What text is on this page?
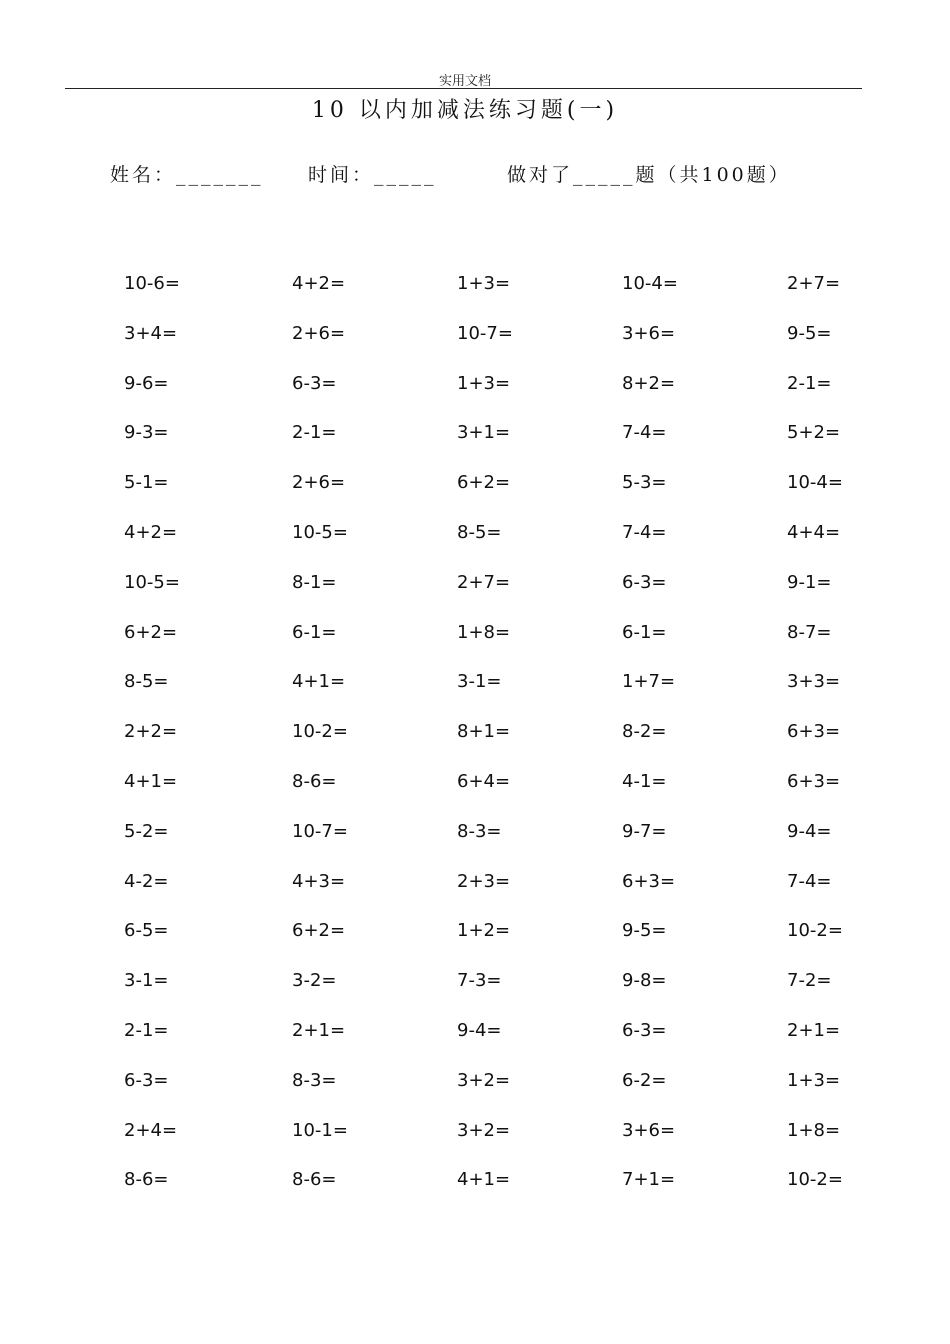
实用文档
10 以内加减法练习题(一)
姓名：_______ 时间：_____	做对了_____题（共100题）
10-6=	4+2=	1+3=	10-4=	2+7=
3+4=	2+6=	10-7=	3+6=	9-5=
9-6=	6-3=	1+3=	8+2=	2-1=
9-3=	2-1=	3+1=	7-4=	5+2=
5-1=	2+6=	6+2=	5-3=	10-4=
4+2=	10-5=	8-5=	7-4=	4+4=
10-5=	8-1=	2+7=	6-3=	9-1=
6+2=	6-1=	1+8=	6-1=	8-7=
8-5=	4+1=	3-1=	1+7=	3+3=
2+2=	10-2=	8+1=	8-2=	6+3=
4+1=	8-6=	6+4=	4-1=	6+3=
5-2=	10-7=	8-3=	9-7=	9-4=
4-2=	4+3=	2+3=	6+3=	7-4=
6-5=	6+2=	1+2=	9-5=	10-2=
3-1=	3-2=	7-3=	9-8=	7-2=
2-1=	2+1=	9-4=	6-3=	2+1=
6-3=	8-3=	3+2=	6-2=	1+3=
2+4=	10-1=	3+2=	3+6=	1+8=
8-6=	8-6=	4+1=	7+1=	10-2=
